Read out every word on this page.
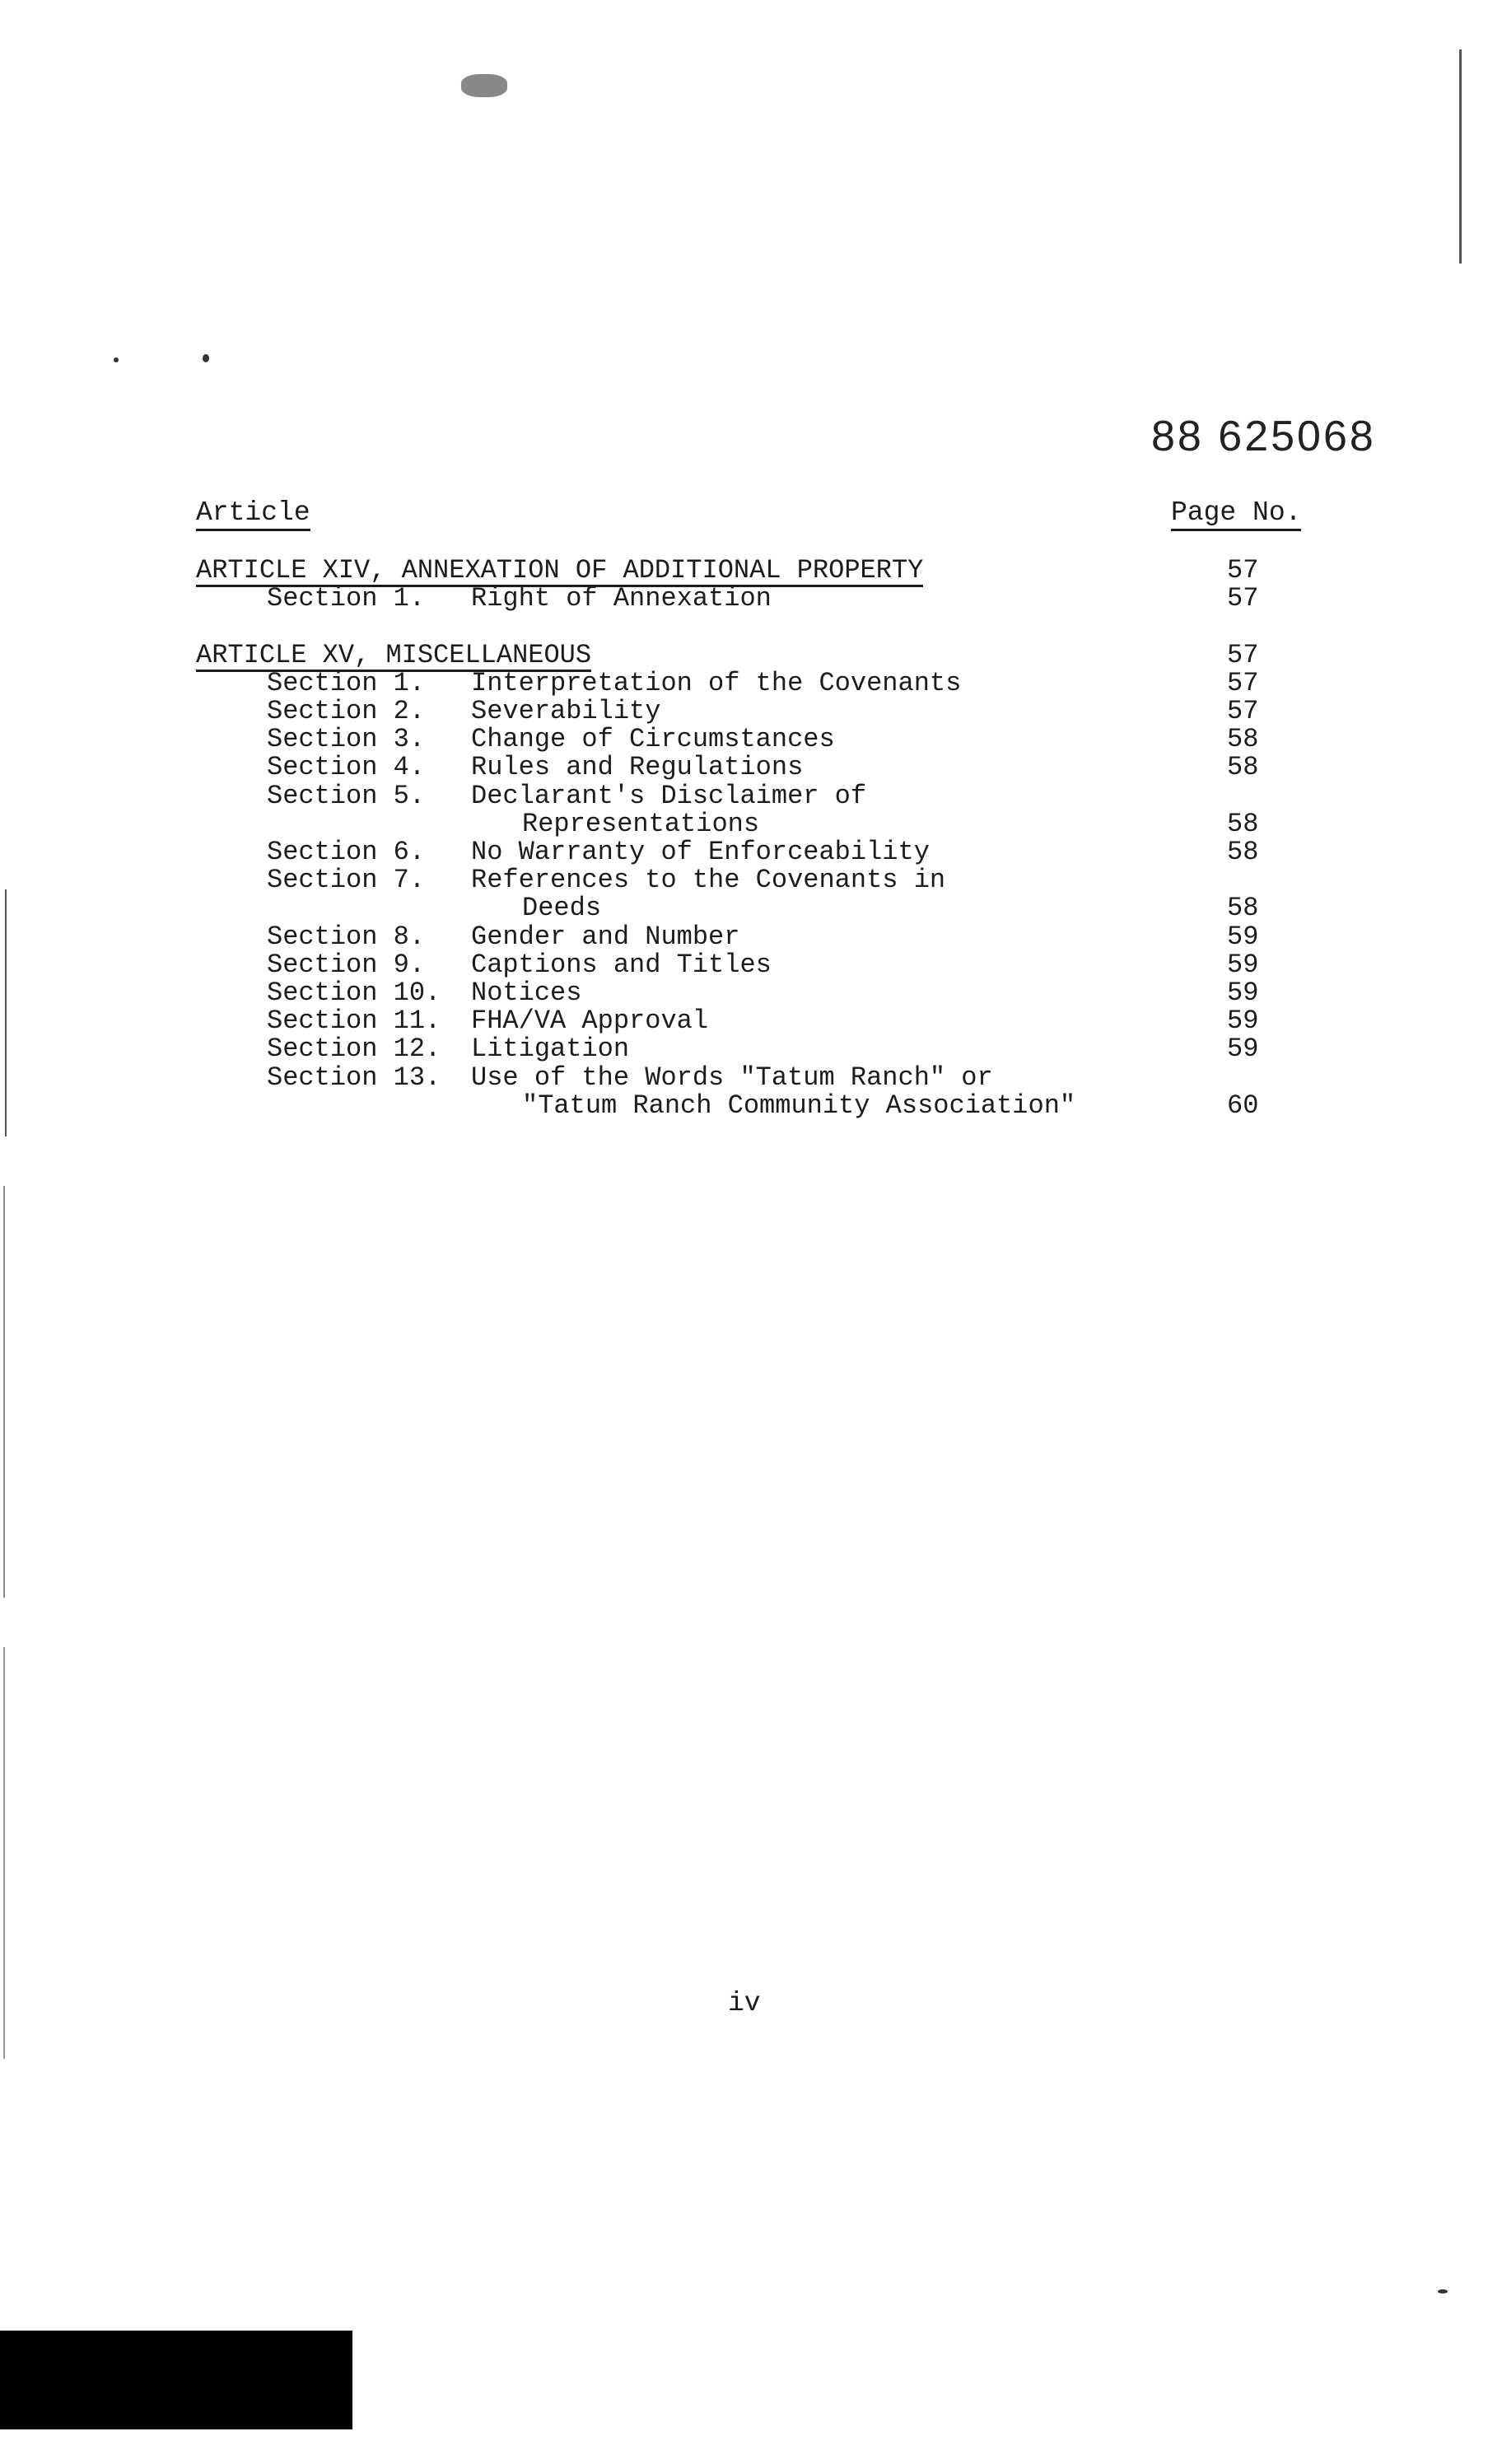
88 625068
Article	Page No.
ARTICLE XIV, ANNEXATION OF ADDITIONAL PROPERTY	57
Section 1. Right of Annexation	57
ARTICLE XV, MISCELLANEOUS	57
Section 1. Interpretation of the Covenants	57
Section 2. Severability	57
Section 3. Change of Circumstances	58
Section 4. Rules and Regulations	58
Section 5. Declarant's Disclaimer of
Representations	58
Section 6. No Warranty of Enforceability	58
Section 7. References to the Covenants in
Deeds	58
Section 8. Gender and Number	59
Section 9. Captions and Titles	59
Section 10. Notices	59
Section 11. FHA/VA Approval	59
Section 12. Litigation	59
Section 13. Use of the Words "Tatum Ranch" or
"Tatum Ranch Community Association"	60
iv
